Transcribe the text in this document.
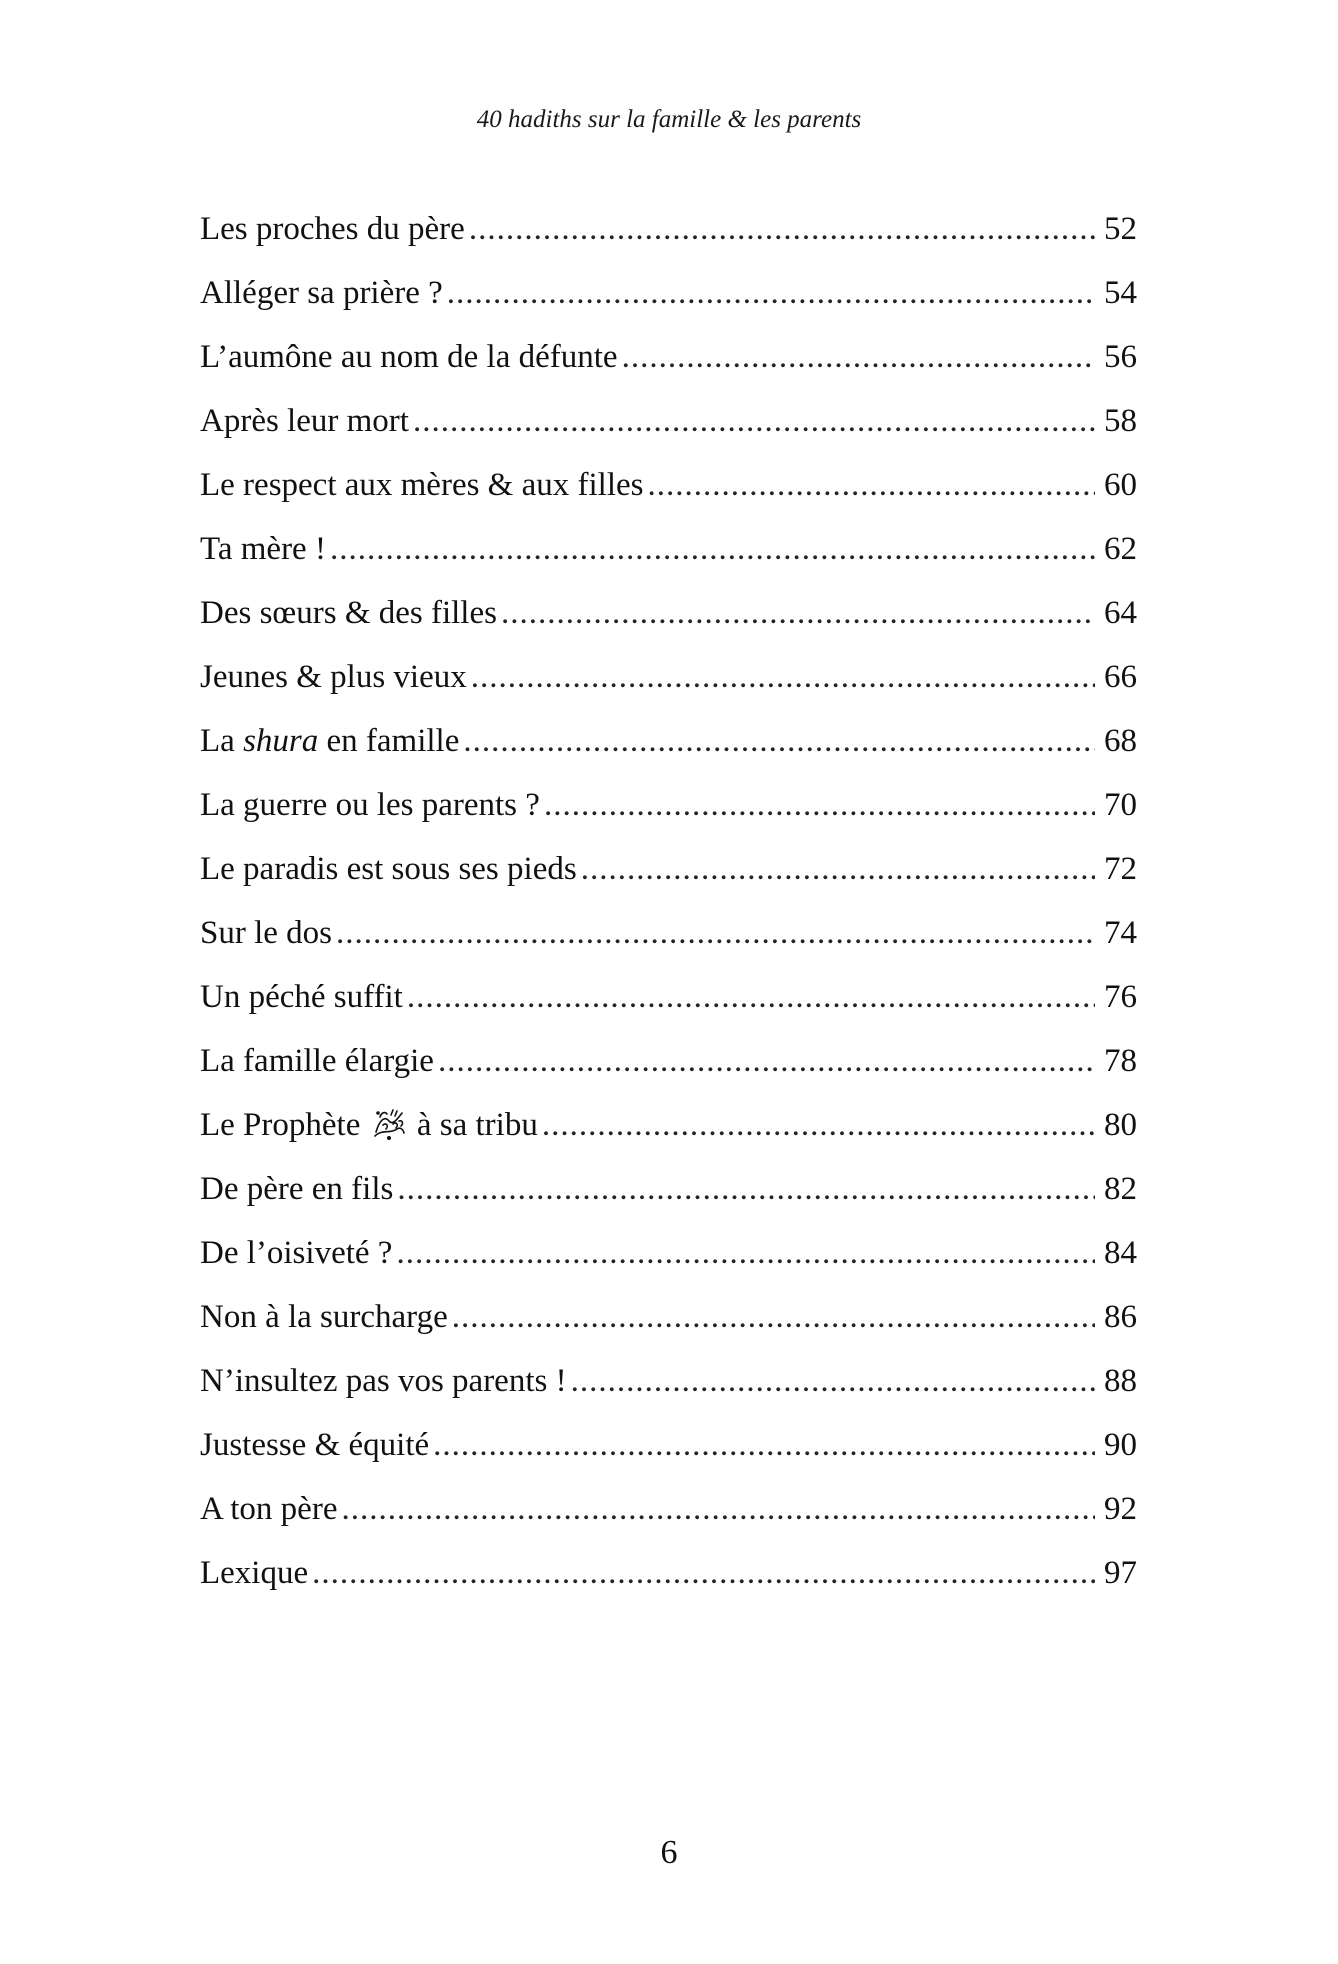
40 hadiths sur la famille & les parents
Les proches du père .....	52
Alléger sa prière ? .....	54
L’aumône au nom de la défunte .....	56
Après leur mort .....	58
Le respect aux mères & aux filles .....	60
Ta mère ! .....	62
Des sœurs & des filles .....	64
Jeunes & plus vieux .....	66
La shura en famille .....	68
La guerre ou les parents ? .....	70
Le paradis est sous ses pieds .....	72
Sur le dos .....	74
Un péché suffit .....	76
La famille élargie .....	78
Le Prophète  à sa tribu .....	80
De père en fils .....	82
De l’oisiveté ? .....	84
Non à la surcharge .....	86
N’insultez pas vos parents ! .....	88
Justesse & équité .....	90
A ton père .....	92
Lexique .....	97
6
